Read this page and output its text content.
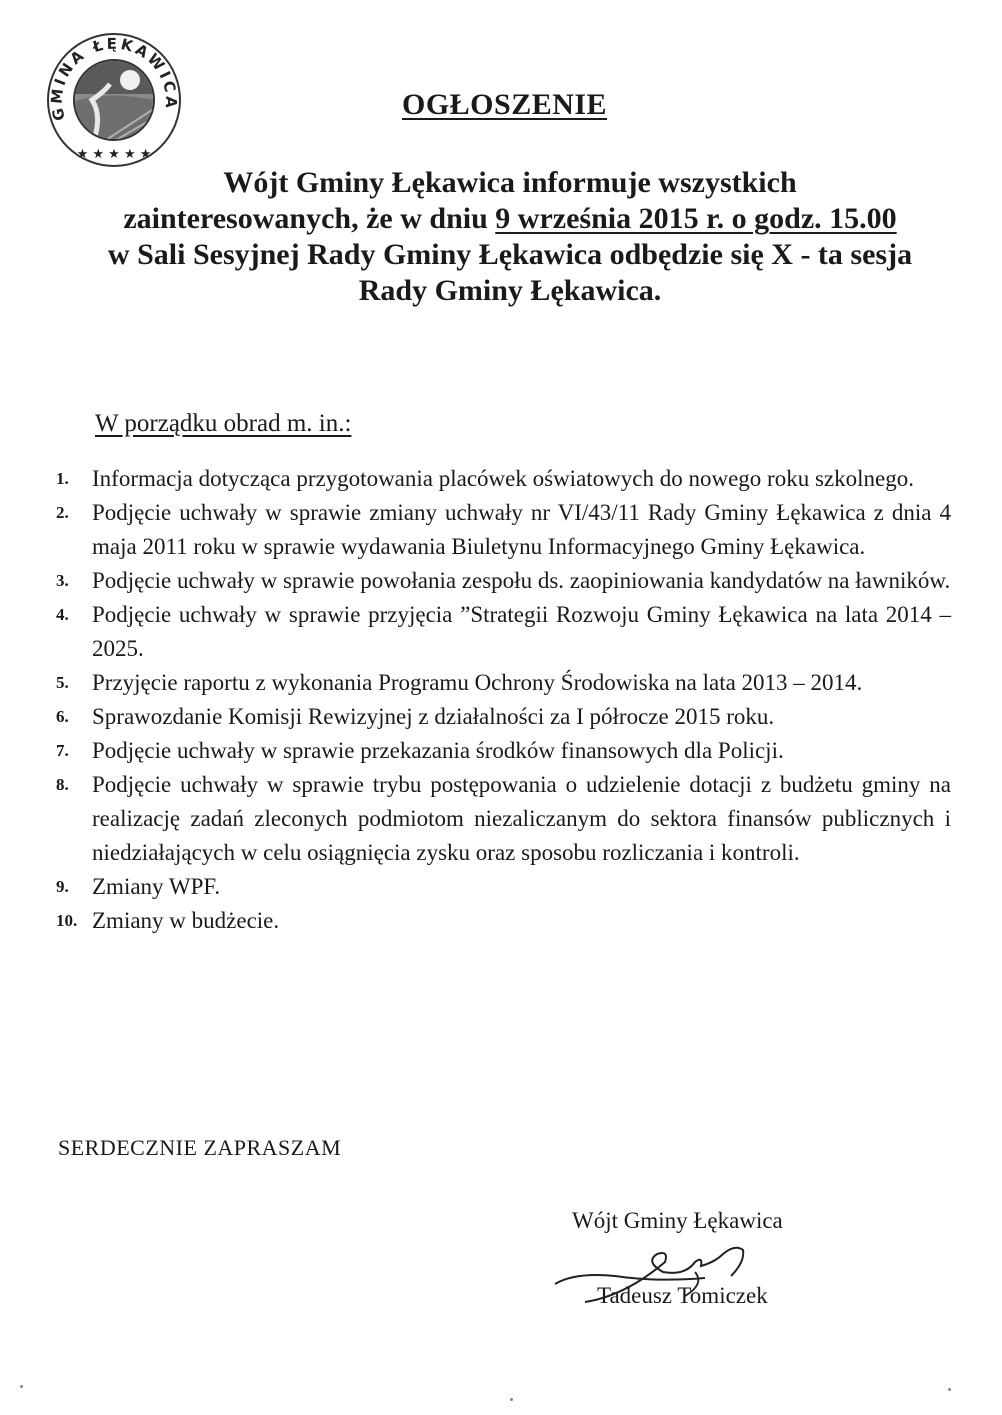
GMINA ŁĘKAWICA
★ ★ ★ ★ ★
OGŁOSZENIE
Wójt Gminy Łękawica informuje wszystkich
zainteresowanych, że w dniu 9 września 2015 r. o godz. 15.00
w Sali Sesyjnej Rady Gminy Łękawica odbędzie się X - ta sesja
Rady Gminy Łękawica.
W porządku obrad m. in.:
1.	Informacja dotycząca przygotowania placówek oświatowych do nowego roku szkolnego.
2.	Podjęcie uchwały w sprawie zmiany uchwały nr VI/43/11 Rady Gminy Łękawica z dnia 4 maja 2011 roku w sprawie wydawania Biuletynu Informacyjnego Gminy Łękawica.
3.	Podjęcie uchwały w sprawie powołania zespołu ds. zaopiniowania kandydatów na ławników.
4.	Podjęcie uchwały w sprawie przyjęcia ”Strategii Rozwoju Gminy Łękawica na lata 2014 – 2025.
5.	Przyjęcie raportu z wykonania Programu Ochrony Środowiska na lata 2013 – 2014.
6.	Sprawozdanie Komisji Rewizyjnej z działalności za I półrocze 2015 roku.
7.	Podjęcie uchwały w sprawie przekazania środków finansowych dla Policji.
8.	Podjęcie uchwały w sprawie trybu postępowania o udzielenie dotacji z budżetu gminy na realizację zadań zleconych podmiotom niezaliczanym do sektora finansów publicznych i niedziałających w celu osiągnięcia zysku oraz sposobu rozliczania i kontroli.
9.	Zmiany WPF.
10. Zmiany w budżecie.
SERDECZNIE ZAPRASZAM
Wójt Gminy Łękawica
Tadeusz Tomiczek
